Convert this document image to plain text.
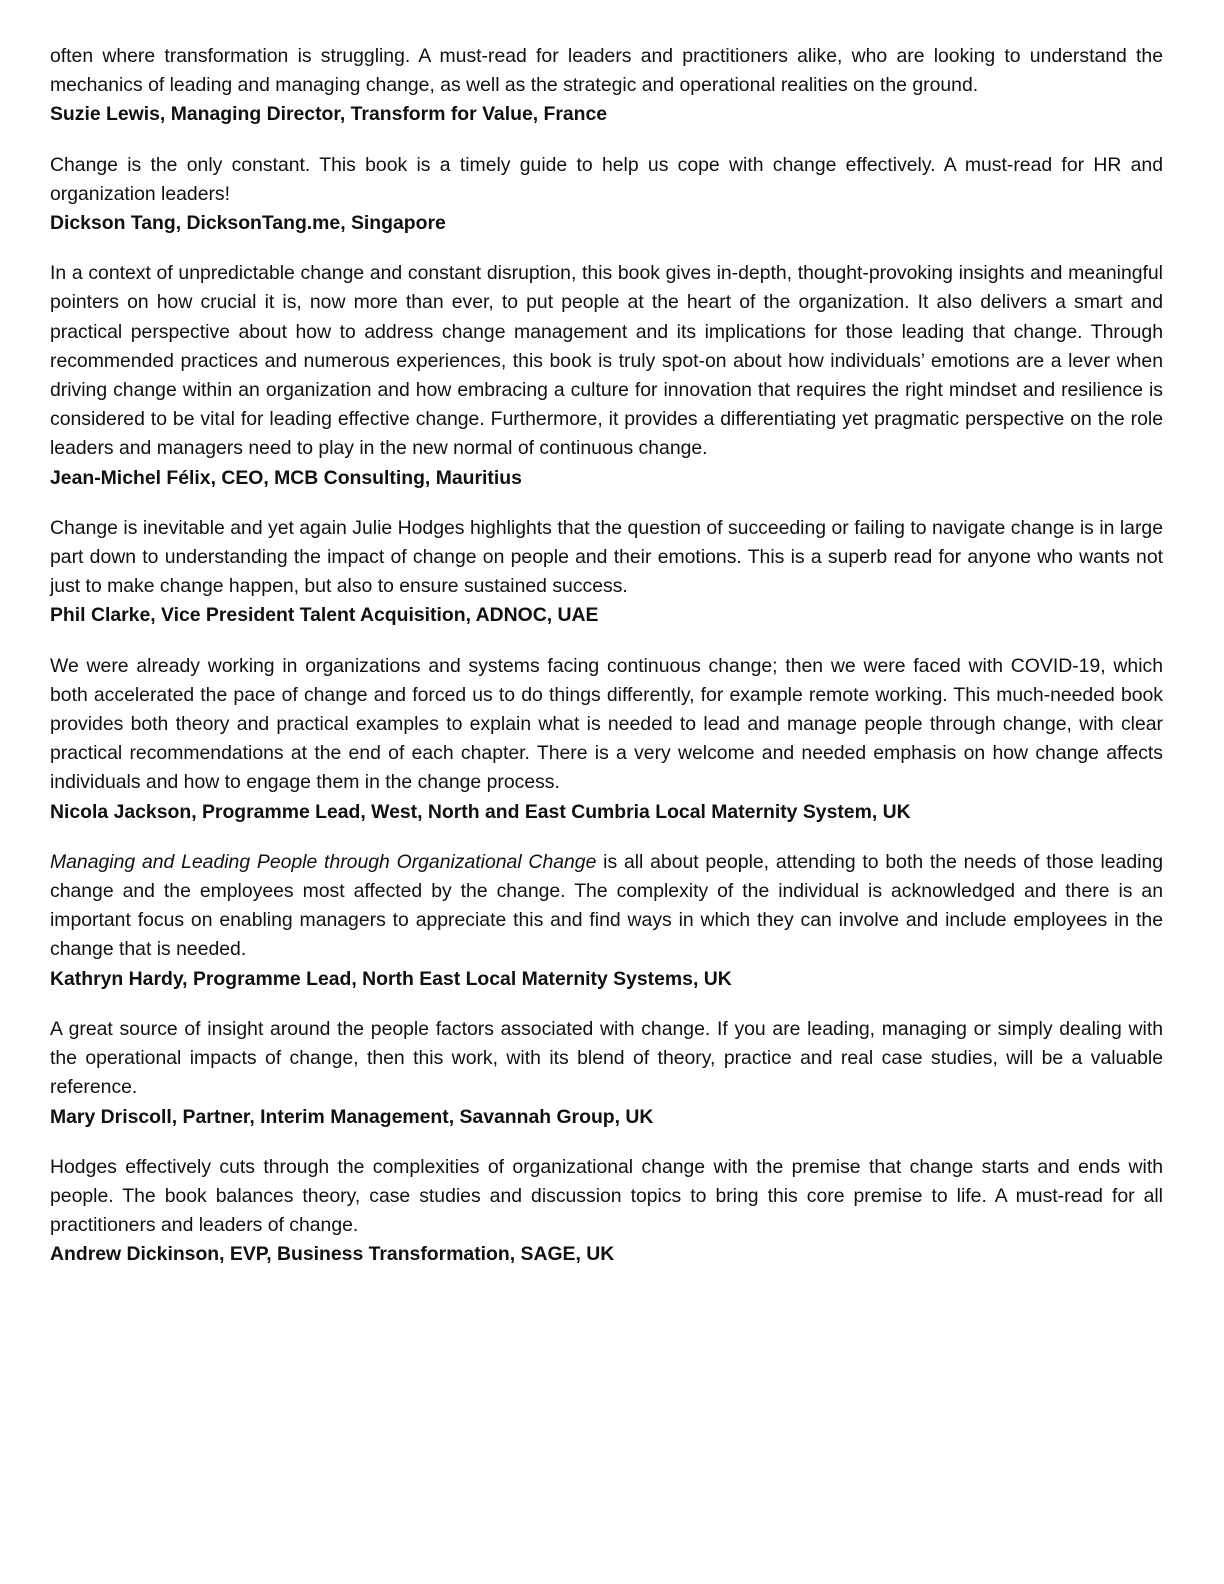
often where transformation is struggling. A must-read for leaders and practitioners alike, who are looking to understand the mechanics of leading and managing change, as well as the strategic and operational realities on the ground.

Suzie Lewis, Managing Director, Transform for Value, France

Change is the only constant. This book is a timely guide to help us cope with change effectively. A must-read for HR and organization leaders!

Dickson Tang, DicksonTang.me, Singapore

In a context of unpredictable change and constant disruption, this book gives in-depth, thought-provoking insights and meaningful pointers on how crucial it is, now more than ever, to put people at the heart of the organization. It also delivers a smart and practical perspective about how to address change management and its implications for those leading that change. Through recommended practices and numerous experiences, this book is truly spot-on about how individuals’ emotions are a lever when driving change within an organization and how embracing a culture for innovation that requires the right mindset and resilience is considered to be vital for leading effective change. Furthermore, it provides a differentiating yet pragmatic perspective on the role leaders and managers need to play in the new normal of continuous change.

Jean-Michel Félix, CEO, MCB Consulting, Mauritius

Change is inevitable and yet again Julie Hodges highlights that the question of succeeding or failing to navigate change is in large part down to understanding the impact of change on people and their emotions. This is a superb read for anyone who wants not just to make change happen, but also to ensure sustained success.

Phil Clarke, Vice President Talent Acquisition, ADNOC, UAE

We were already working in organizations and systems facing continuous change; then we were faced with COVID-19, which both accelerated the pace of change and forced us to do things differently, for example remote working. This much-needed book provides both theory and practical examples to explain what is needed to lead and manage people through change, with clear practical recommendations at the end of each chapter. There is a very welcome and needed emphasis on how change affects individuals and how to engage them in the change process.

Nicola Jackson, Programme Lead, West, North and East Cumbria Local Maternity System, UK

Managing and Leading People through Organizational Change is all about people, attending to both the needs of those leading change and the employees most affected by the change. The complexity of the individual is acknowledged and there is an important focus on enabling managers to appreciate this and find ways in which they can involve and include employees in the change that is needed.

Kathryn Hardy, Programme Lead, North East Local Maternity Systems, UK

A great source of insight around the people factors associated with change. If you are leading, managing or simply dealing with the operational impacts of change, then this work, with its blend of theory, practice and real case studies, will be a valuable reference.

Mary Driscoll, Partner, Interim Management, Savannah Group, UK

Hodges effectively cuts through the complexities of organizational change with the premise that change starts and ends with people. The book balances theory, case studies and discussion topics to bring this core premise to life. A must-read for all practitioners and leaders of change.

Andrew Dickinson, EVP, Business Transformation, SAGE, UK
